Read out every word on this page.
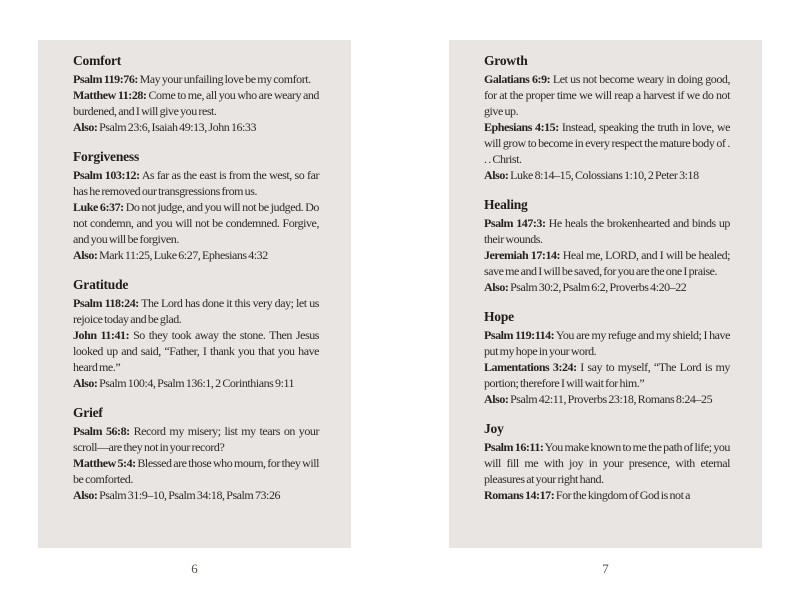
Comfort

Psalm 119:76: May your unfailing love be my comfort.

Matthew 11:28: Come to me, all you who are weary and burdened, and I will give you rest.

Also: Psalm 23:6, Isaiah 49:13, John 16:33

Forgiveness

Psalm 103:12: As far as the east is from the west, so far has he removed our transgressions from us.

Luke 6:37: Do not judge, and you will not be judged. Do not condemn, and you will not be condemned. Forgive, and you will be forgiven.

Also: Mark 11:25, Luke 6:27, Ephesians 4:32

Gratitude

Psalm 118:24: The Lord has done it this very day; let us rejoice today and be glad.

John 11:41: So they took away the stone. Then Jesus looked up and said, “Father, I thank you that you have heard me.”

Also: Psalm 100:4, Psalm 136:1, 2 Corinthians 9:11

Grief

Psalm 56:8: Record my misery; list my tears on your scroll—are they not in your record?

Matthew 5:4: Blessed are those who mourn, for they will be comforted.

Also: Psalm 31:9–10, Psalm 34:18, Psalm 73:26

Growth

Galatians 6:9: Let us not become weary in doing good, for at the proper time we will reap a harvest if we do not give up.

Ephesians 4:15: Instead, speaking the truth in love, we will grow to become in every respect the mature body of . . . Christ.

Also: Luke 8:14–15, Colossians 1:10, 2 Peter 3:18

Healing

Psalm 147:3: He heals the brokenhearted and binds up their wounds.

Jeremiah 17:14: Heal me, LORD, and I will be healed; save me and I will be saved, for you are the one I praise.

Also: Psalm 30:2, Psalm 6:2, Proverbs 4:20–22

Hope

Psalm 119:114: You are my refuge and my shield; I have put my hope in your word.

Lamentations 3:24: I say to myself, “The Lord is my portion; therefore I will wait for him.”

Also: Psalm 42:11, Proverbs 23:18, Romans 8:24–25

Joy

Psalm 16:11: You make known to me the path of life; you will fill me with joy in your presence, with eternal pleasures at your right hand.

Romans 14:17: For the kingdom of God is not a

6	7
